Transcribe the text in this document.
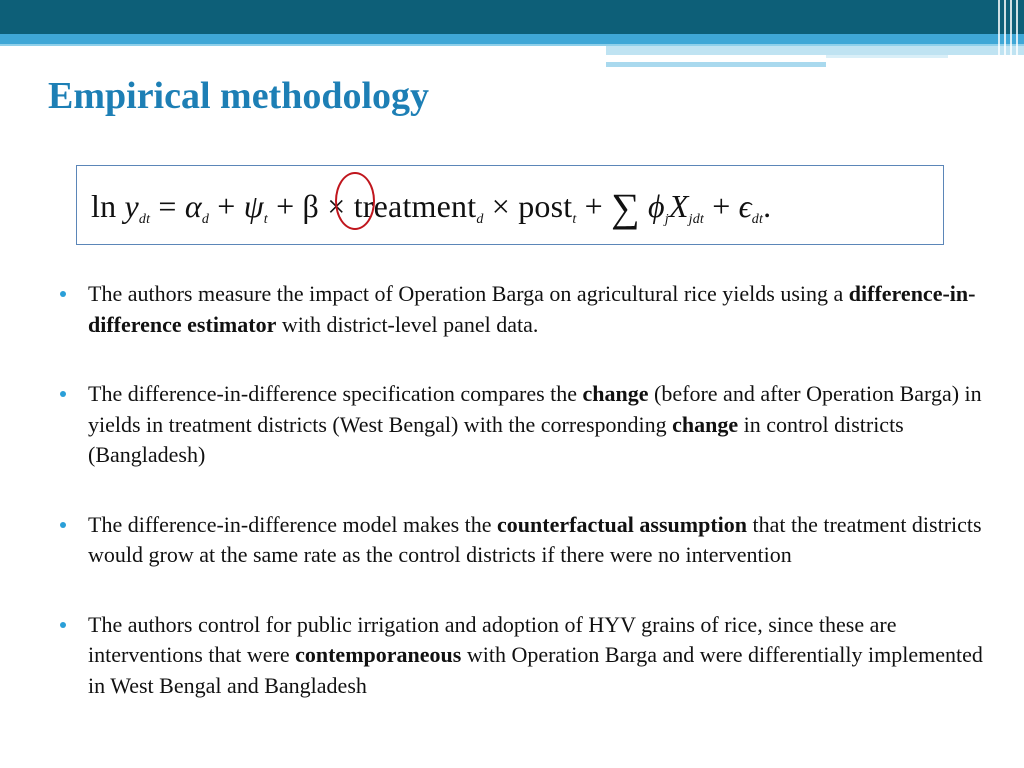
Empirical methodology
$\ln y_{dt} = \alpha_d + \psi_t + \beta$ × treatment$_d$ × post$_t$ + ∑ $\phi_jX_{jdt} + \epsilon_{dt}$.
The authors measure the impact of Operation Barga on agricultural rice yields using a difference-in-difference estimator with district-level panel data.
The difference-in-difference specification compares the change (before and after Operation Barga) in yields in treatment districts (West Bengal) with the corresponding change in control districts (Bangladesh)
The difference-in-difference model makes the counterfactual assumption that the treatment districts would grow at the same rate as the control districts if there were no intervention
The authors control for public irrigation and adoption of HYV grains of rice, since these are interventions that were contemporaneous with Operation Barga and were differentially implemented in West Bengal and Bangladesh
